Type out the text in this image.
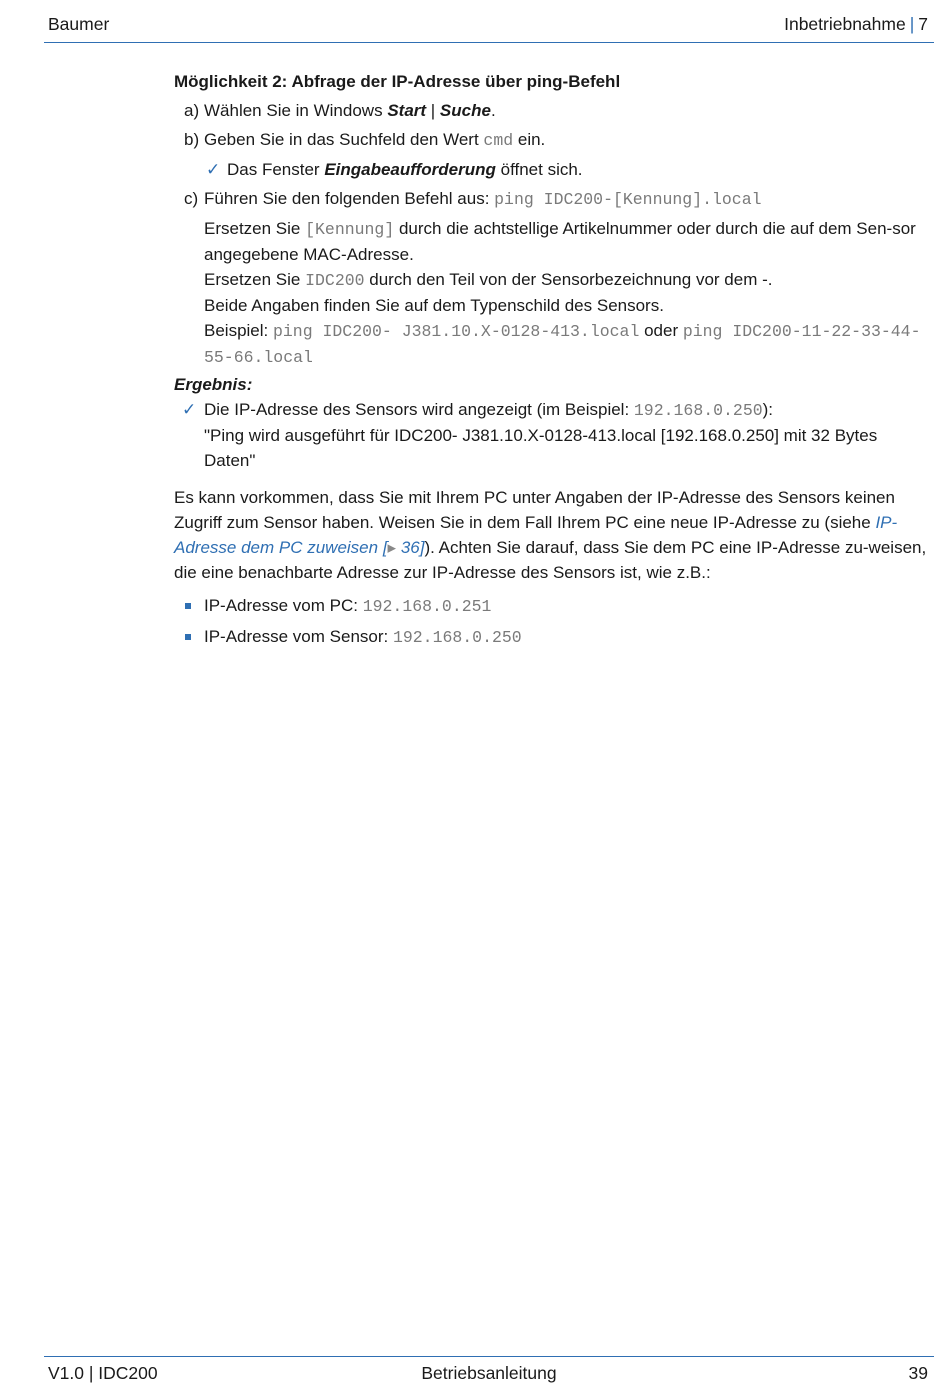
Baumer	Inbetriebnahme | 7
Möglichkeit 2: Abfrage der IP-Adresse über ping-Befehl
a) Wählen Sie in Windows Start | Suche.
b) Geben Sie in das Suchfeld den Wert cmd ein.
✓ Das Fenster Eingabeaufforderung öffnet sich.
c) Führen Sie den folgenden Befehl aus: ping IDC200-[Kennung].local
Ersetzen Sie [Kennung] durch die achtstellige Artikelnummer oder durch die auf dem Sen-sor angegebene MAC-Adresse.
Ersetzen Sie IDC200 durch den Teil von der Sensorbezeichnung vor dem -.
Beide Angaben finden Sie auf dem Typenschild des Sensors.
Beispiel: ping IDC200- J381.10.X-0128-413.local oder ping IDC200-11-22-33-44-55-66.local
Ergebnis:
✓ Die IP-Adresse des Sensors wird angezeigt (im Beispiel: 192.168.0.250):
"Ping wird ausgeführt für IDC200- J381.10.X-0128-413.local [192.168.0.250] mit 32 Bytes Daten"
Es kann vorkommen, dass Sie mit Ihrem PC unter Angaben der IP-Adresse des Sensors keinen Zugriff zum Sensor haben. Weisen Sie in dem Fall Ihrem PC eine neue IP-Adresse zu (siehe IP-Adresse dem PC zuweisen [▸ 36]). Achten Sie darauf, dass Sie dem PC eine IP-Adresse zu-weisen, die eine benachbarte Adresse zur IP-Adresse des Sensors ist, wie z.B.:
IP-Adresse vom PC: 192.168.0.251
IP-Adresse vom Sensor: 192.168.0.250
V1.0 | IDC200	Betriebsanleitung	39
